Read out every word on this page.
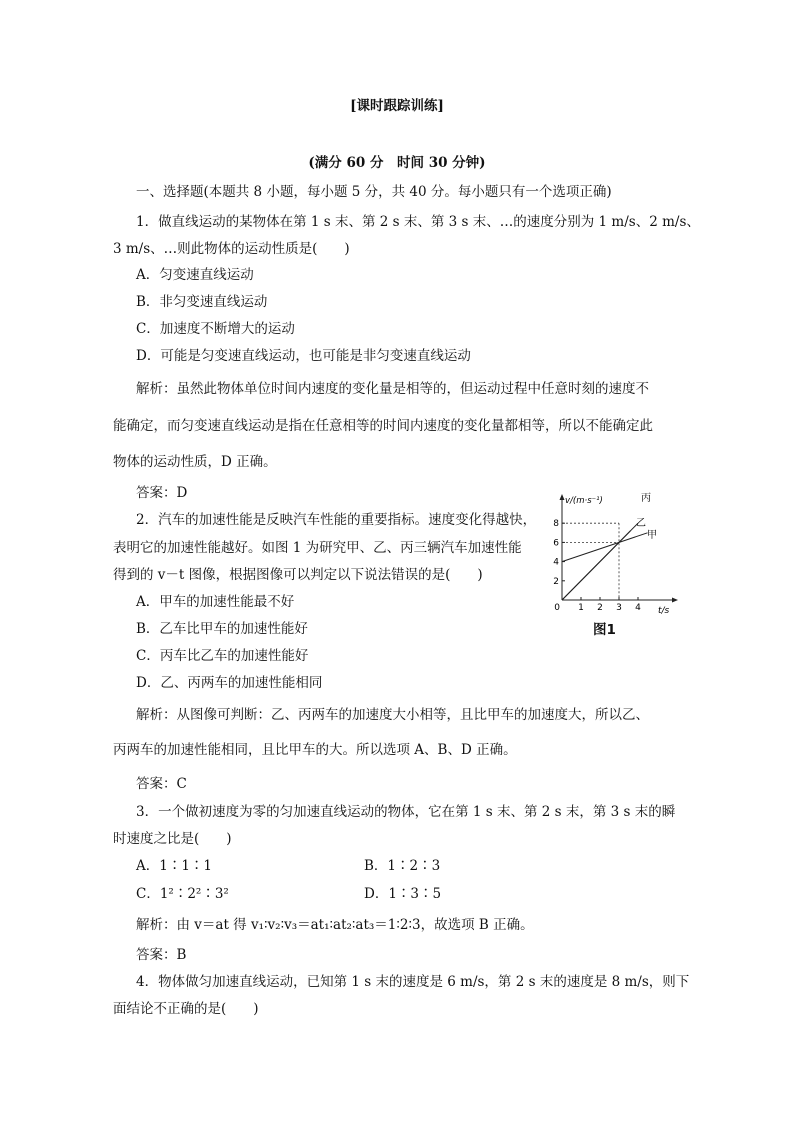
[课时跟踪训练]
(满分 60 分　时间 30 分钟)
一、选择题(本题共 8 小题，每小题 5 分，共 40 分。每小题只有一个选项正确)
1．做直线运动的某物体在第 1 s 末、第 2 s 末、第 3 s 末、…的速度分别为 1 m/s、2 m/s、
3 m/s、…则此物体的运动性质是(　　)
A．匀变速直线运动
B．非匀变速直线运动
C．加速度不断增大的运动
D．可能是匀变速直线运动，也可能是非匀变速直线运动
解析：虽然此物体单位时间内速度的变化量是相等的，但运动过程中任意时刻的速度不
能确定，而匀变速直线运动是指在任意相等的时间内速度的变化量都相等，所以不能确定此
物体的运动性质，D 正确。
答案：D
2．汽车的加速性能是反映汽车性能的重要指标。速度变化得越快，
表明它的加速性能越好。如图 1 为研究甲、乙、丙三辆汽车加速性能
得到的 v－t 图像，根据图像可以判定以下说法错误的是(　　)
A．甲车的加速性能最不好
B．乙车比甲车的加速性能好
C．丙车比乙车的加速性能好
D．乙、丙两车的加速性能相同
解析：从图像可判断：乙、丙两车的加速度大小相等，且比甲车的加速度大，所以乙、
丙两车的加速性能相同，且比甲车的大。所以选项 A、B、D 正确。
答案：C
1 2 3 4
2
4
6
8
0
v/(m·s⁻¹)
t/s
丙
乙
甲
图1
3．一个做初速度为零的匀加速直线运动的物体，它在第 1 s 末、第 2 s 末，第 3 s 末的瞬
时速度之比是(　　)
A．1∶1∶1	B．1∶2∶3
C．1²∶2²∶3²	D．1∶3∶5
解析：由 v＝at 得 v₁∶v₂∶v₃＝at₁∶at₂∶at₃＝1∶2∶3，故选项 B 正确。
答案：B
4．物体做匀加速直线运动，已知第 1 s 末的速度是 6 m/s，第 2 s 末的速度是 8 m/s，则下
面结论不正确的是(　　)
